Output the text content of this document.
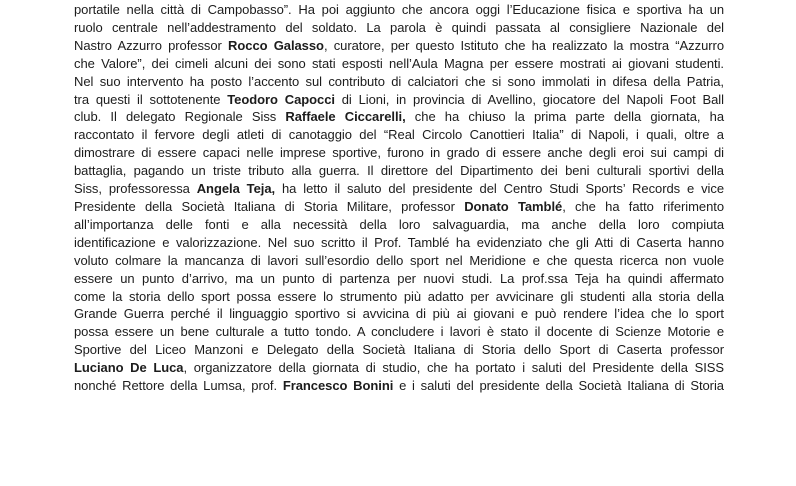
portatile nella città di Campobasso”. Ha poi aggiunto che ancora oggi l’Educazione fisica e sportiva ha un
ruolo centrale nell’addestramento del soldato. La parola è quindi passata al consigliere Nazionale del
Nastro Azzurro professor Rocco Galasso, curatore, per questo Istituto che ha realizzato la mostra “Azzurro
che Valore”, dei cimeli alcuni dei sono stati esposti nell’Aula Magna per essere mostrati ai giovani studenti.
Nel suo intervento ha posto l’accento sul contributo di calciatori che si sono immolati in difesa della Patria,
tra questi il sottotenente Teodoro Capocci di Lioni, in provincia di Avellino, giocatore del Napoli Foot Ball
club. Il delegato Regionale Siss Raffaele Ciccarelli, che ha chiuso la prima parte della giornata, ha
raccontato il fervore degli atleti di canotaggio del “Real Circolo Canottieri Italia” di Napoli, i quali, oltre a
dimostrare di essere capaci nelle imprese sportive, furono in grado di essere anche degli eroi sui campi di
battaglia, pagando un triste tributo alla guerra. Il direttore del Dipartimento dei beni culturali sportivi della
Siss, professoressa Angela Teja, ha letto il saluto del presidente del Centro Studi Sports’ Records e vice
Presidente della Società Italiana di Storia Militare, professor Donato Tamblé, che ha fatto riferimento
all’importanza delle fonti e alla necessità della loro salvaguardia, ma anche della loro compiuta
identificazione e valorizzazione. Nel suo scritto il Prof. Tamblé ha evidenziato che gli Atti di Caserta hanno
voluto colmare la mancanza di lavori sull’esordio dello sport nel Meridione e che questa ricerca non vuole
essere un punto d’arrivo, ma un punto di partenza per nuovi studi. La prof.ssa Teja ha quindi affermato
come la storia dello sport possa essere lo strumento più adatto per avvicinare gli studenti alla storia della
Grande Guerra perché il linguaggio sportivo si avvicina di più ai giovani e può rendere l’idea che lo sport
possa essere un bene culturale a tutto tondo. A concludere i lavori è stato il docente di Scienze Motorie e
Sportive del Liceo Manzoni e Delegato della Società Italiana di Storia dello Sport di Caserta professor
Luciano De Luca, organizzatore della giornata di studio, che ha portato i saluti del Presidente della SISS
nonché Rettore della Lumsa, prof. Francesco Bonini e i saluti del presidente della Società Italiana di Storia
